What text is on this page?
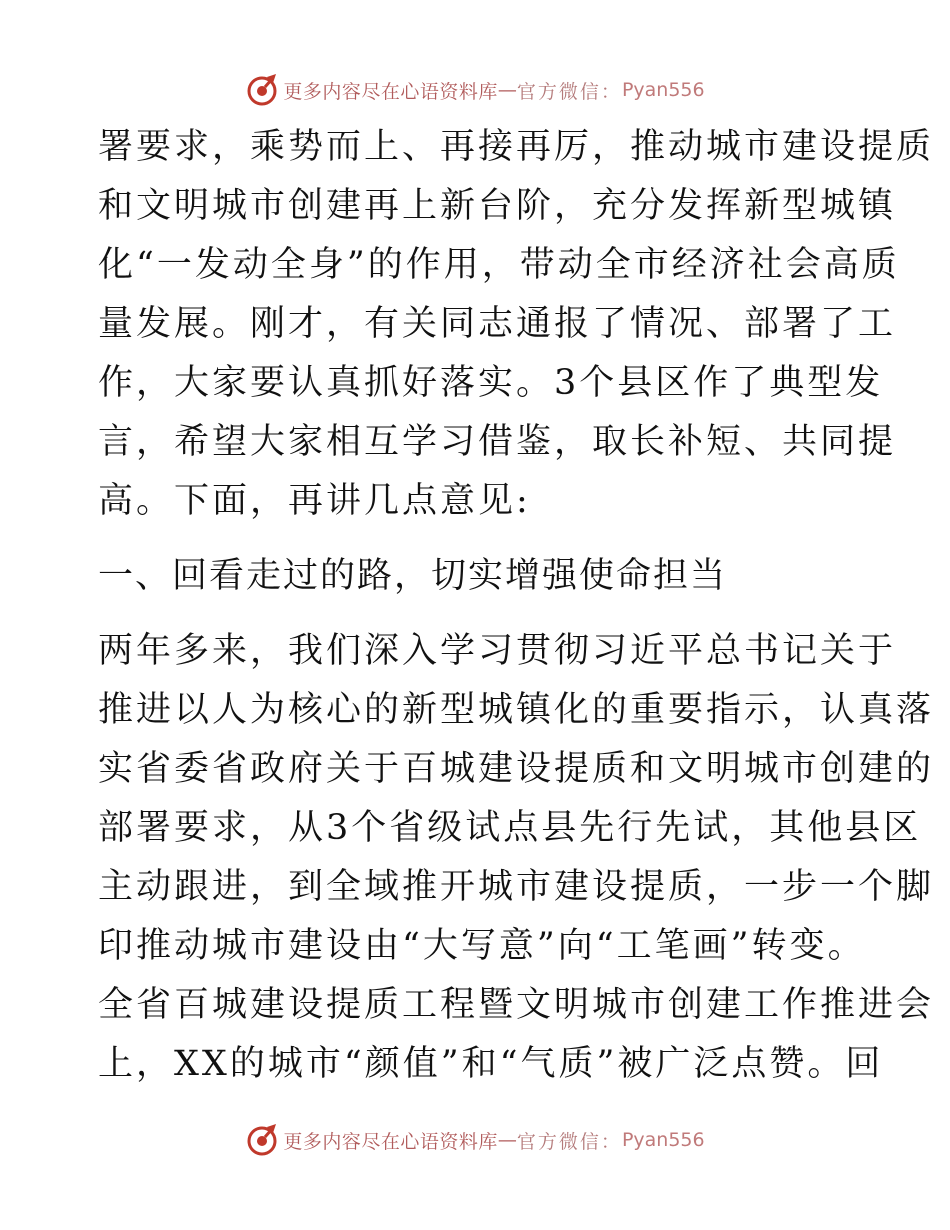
更多内容尽在心语资料库 — 官方微信： Pyan556
署要求，乘势而上、再接再厉，推动城市建设提质
和文明城市创建再上新台阶，充分发挥新型城镇
化“一发动全身”的作用，带动全市经济社会高质
量发展。刚才，有关同志通报了情况、部署了工
作，大家要认真抓好落实。3个县区作了典型发
言，希望大家相互学习借鉴，取长补短、共同提
高。下面，再讲几点意见:
一、回看走过的路，切实增强使命担当
两年多来，我们深入学习贯彻习近平总书记关于
推进以人为核心的新型城镇化的重要指示，认真落
实省委省政府关于百城建设提质和文明城市创建的
部署要求，从3个省级试点县先行先试，其他县区
主动跟进，到全域推开城市建设提质，一步一个脚
印推动城市建设由“大写意”向“工笔画”转变。
全省百城建设提质工程暨文明城市创建工作推进会
上，XX的城市“颜值”和“气质”被广泛点赞。回
更多内容尽在心语资料库 — 官方微信： Pyan556
